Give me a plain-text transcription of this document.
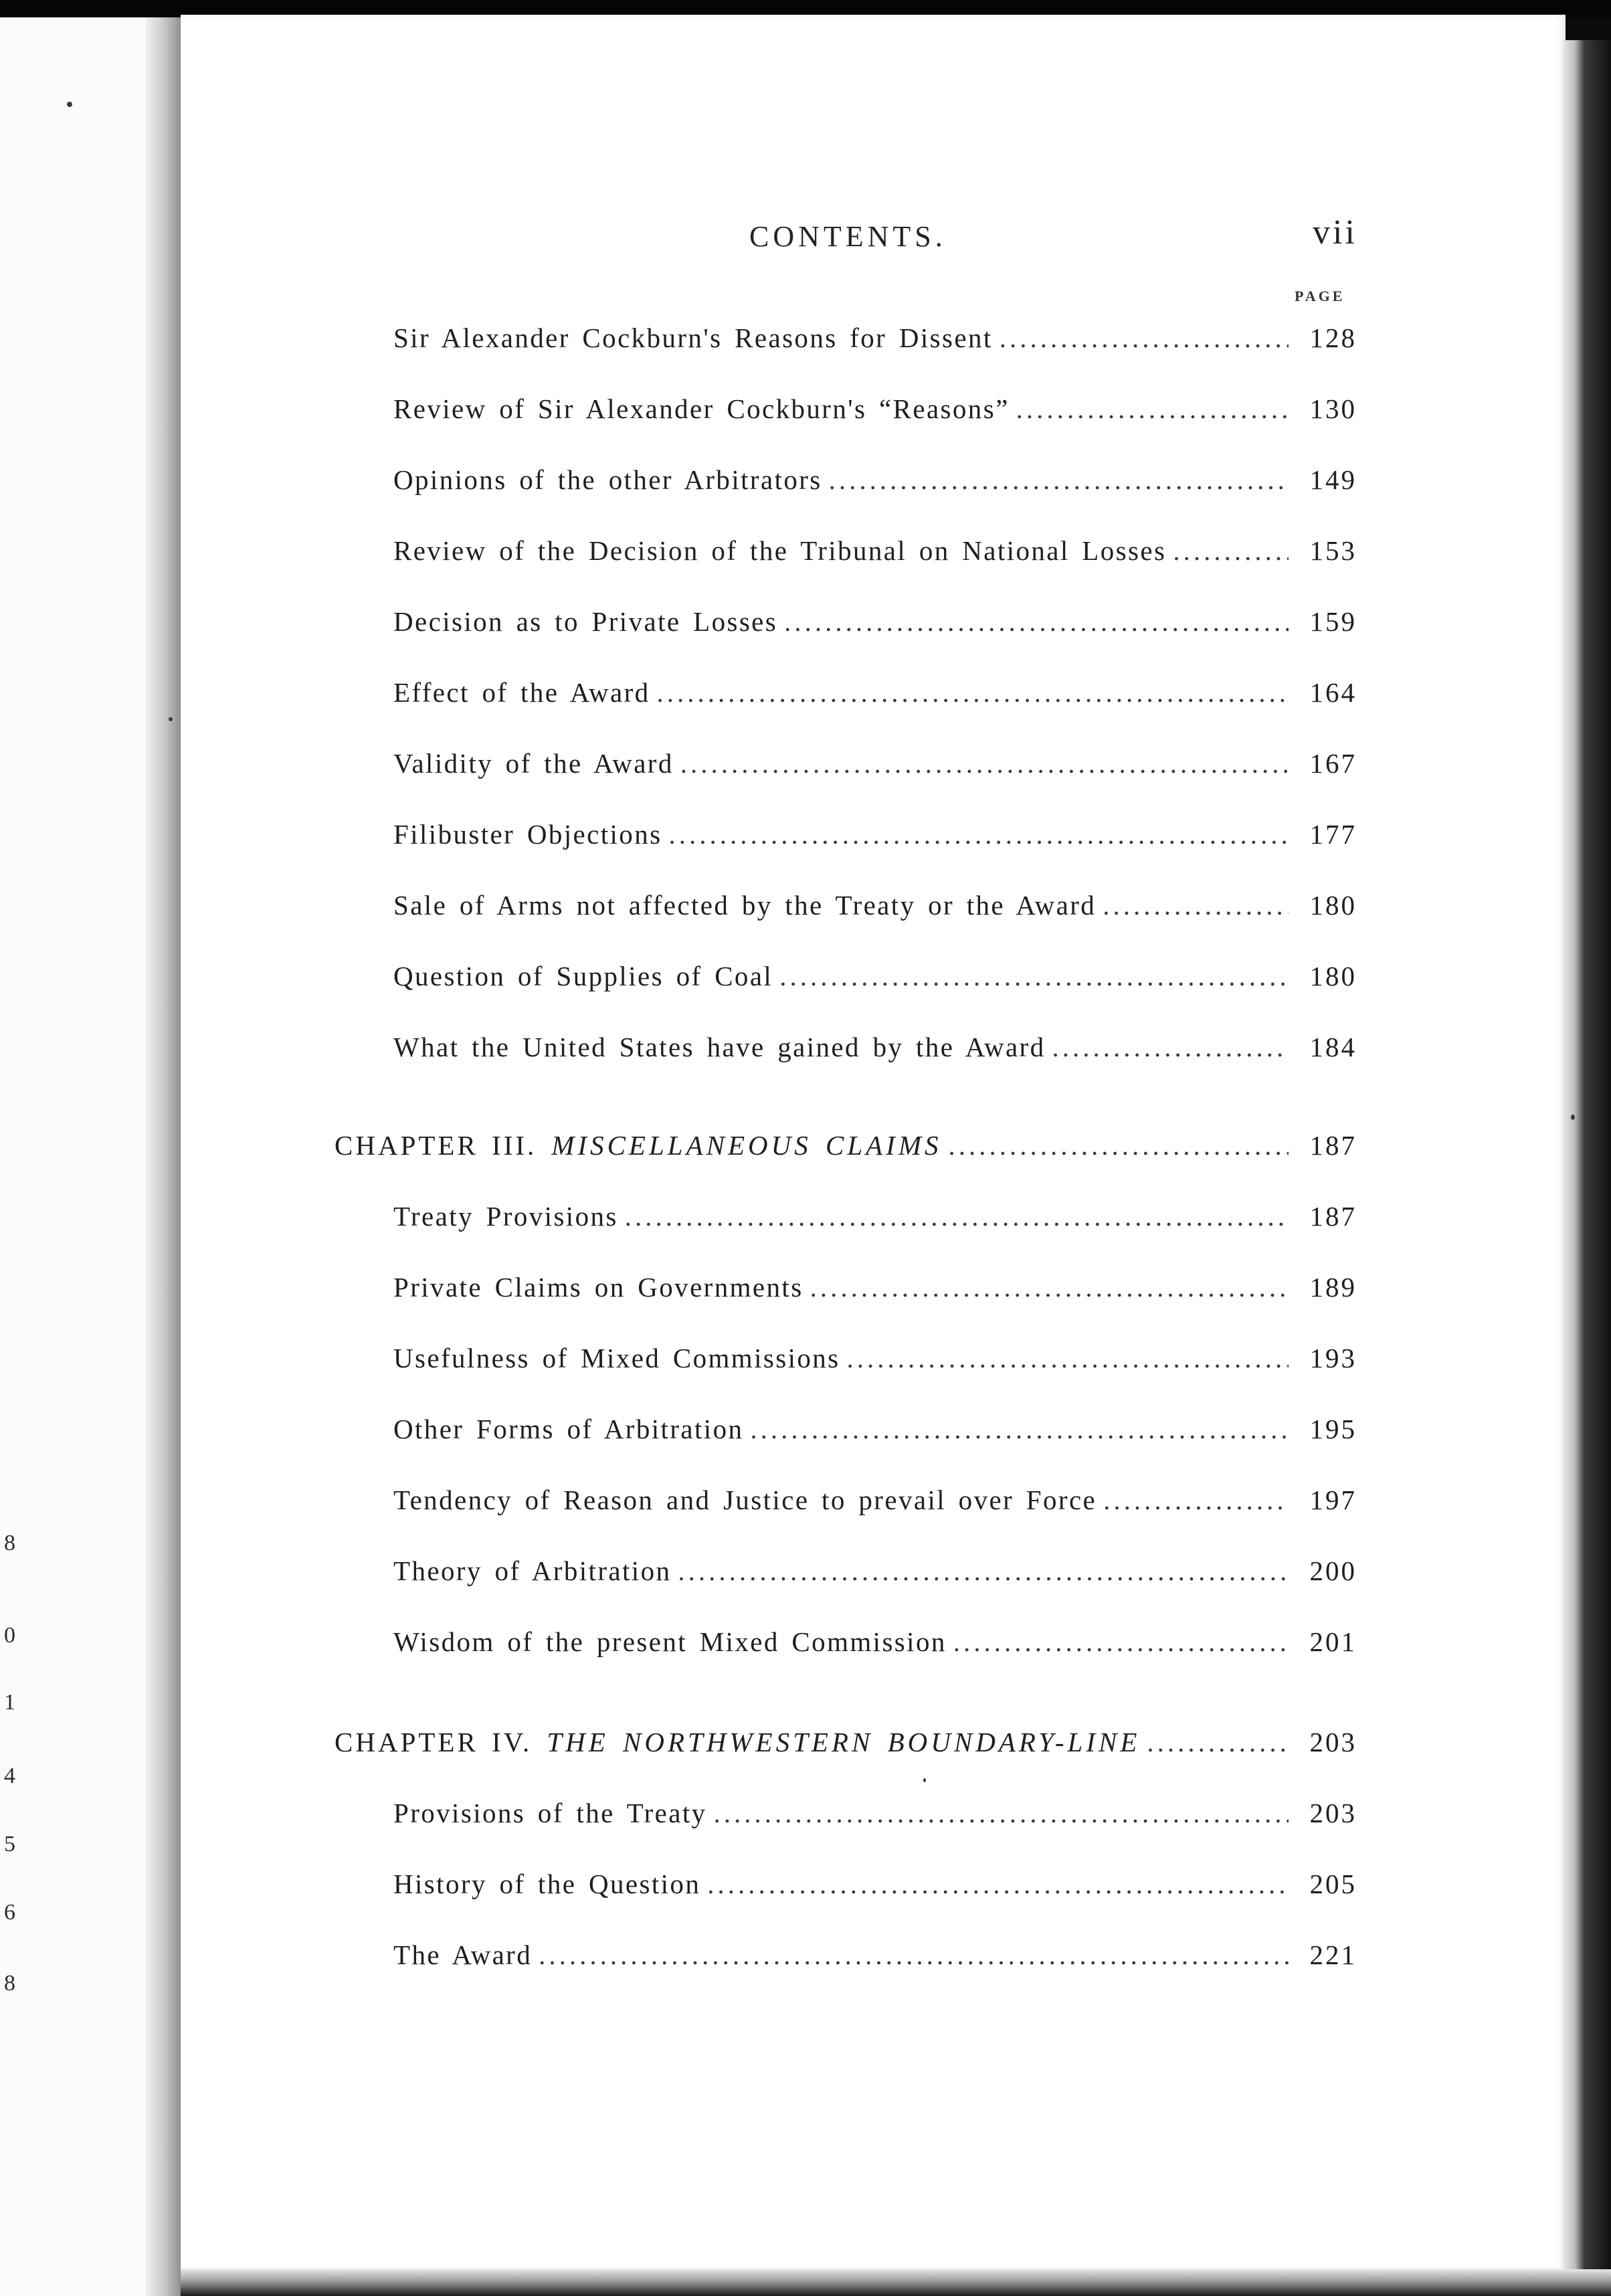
8
0
1
4
5
6
8
CONTENTS.	vii
PAGE
Sir Alexander Cockburn's Reasons for Dissent .....	128
Review of Sir Alexander Cockburn's “Reasons” .....	130
Opinions of the other Arbitrators .....	149
Review of the Decision of the Tribunal on National Losses .....	153
Decision as to Private Losses .....	159
Effect of the Award .....	164
Validity of the Award .....	167
Filibuster Objections .....	177
Sale of Arms not affected by the Treaty or the Award .....	180
Question of Supplies of Coal .....	180
What the United States have gained by the Award .....	184
CHAPTER III. MISCELLANEOUS CLAIMS .....	187
Treaty Provisions .....	187
Private Claims on Governments .....	189
Usefulness of Mixed Commissions .....	193
Other Forms of Arbitration .....	195
Tendency of Reason and Justice to prevail over Force .....	197
Theory of Arbitration .....	200
Wisdom of the present Mixed Commission .....	201
CHAPTER IV. THE NORTHWESTERN BOUNDARY-LINE .....	203
Provisions of the Treaty .....	203
History of the Question .....	205
The Award .....	221
